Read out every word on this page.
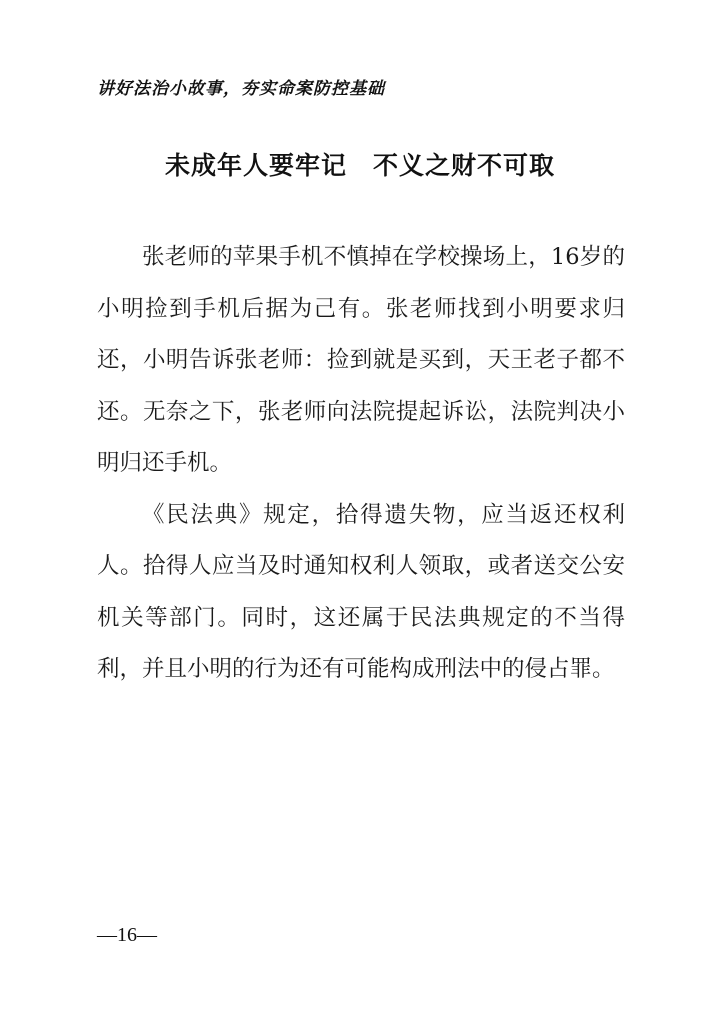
讲好法治小故事，夯实命案防控基础
未成年人要牢记　不义之财不可取

张老师的苹果手机不慎掉在学校操场上，16岁的小明捡到手机后据为己有。张老师找到小明要求归还，小明告诉张老师：捡到就是买到，天王老子都不还。无奈之下，张老师向法院提起诉讼，法院判决小明归还手机。

《民法典》规定，拾得遗失物，应当返还权利人。拾得人应当及时通知权利人领取，或者送交公安机关等部门。同时，这还属于民法典规定的不当得利，并且小明的行为还有可能构成刑法中的侵占罪。

—16—
